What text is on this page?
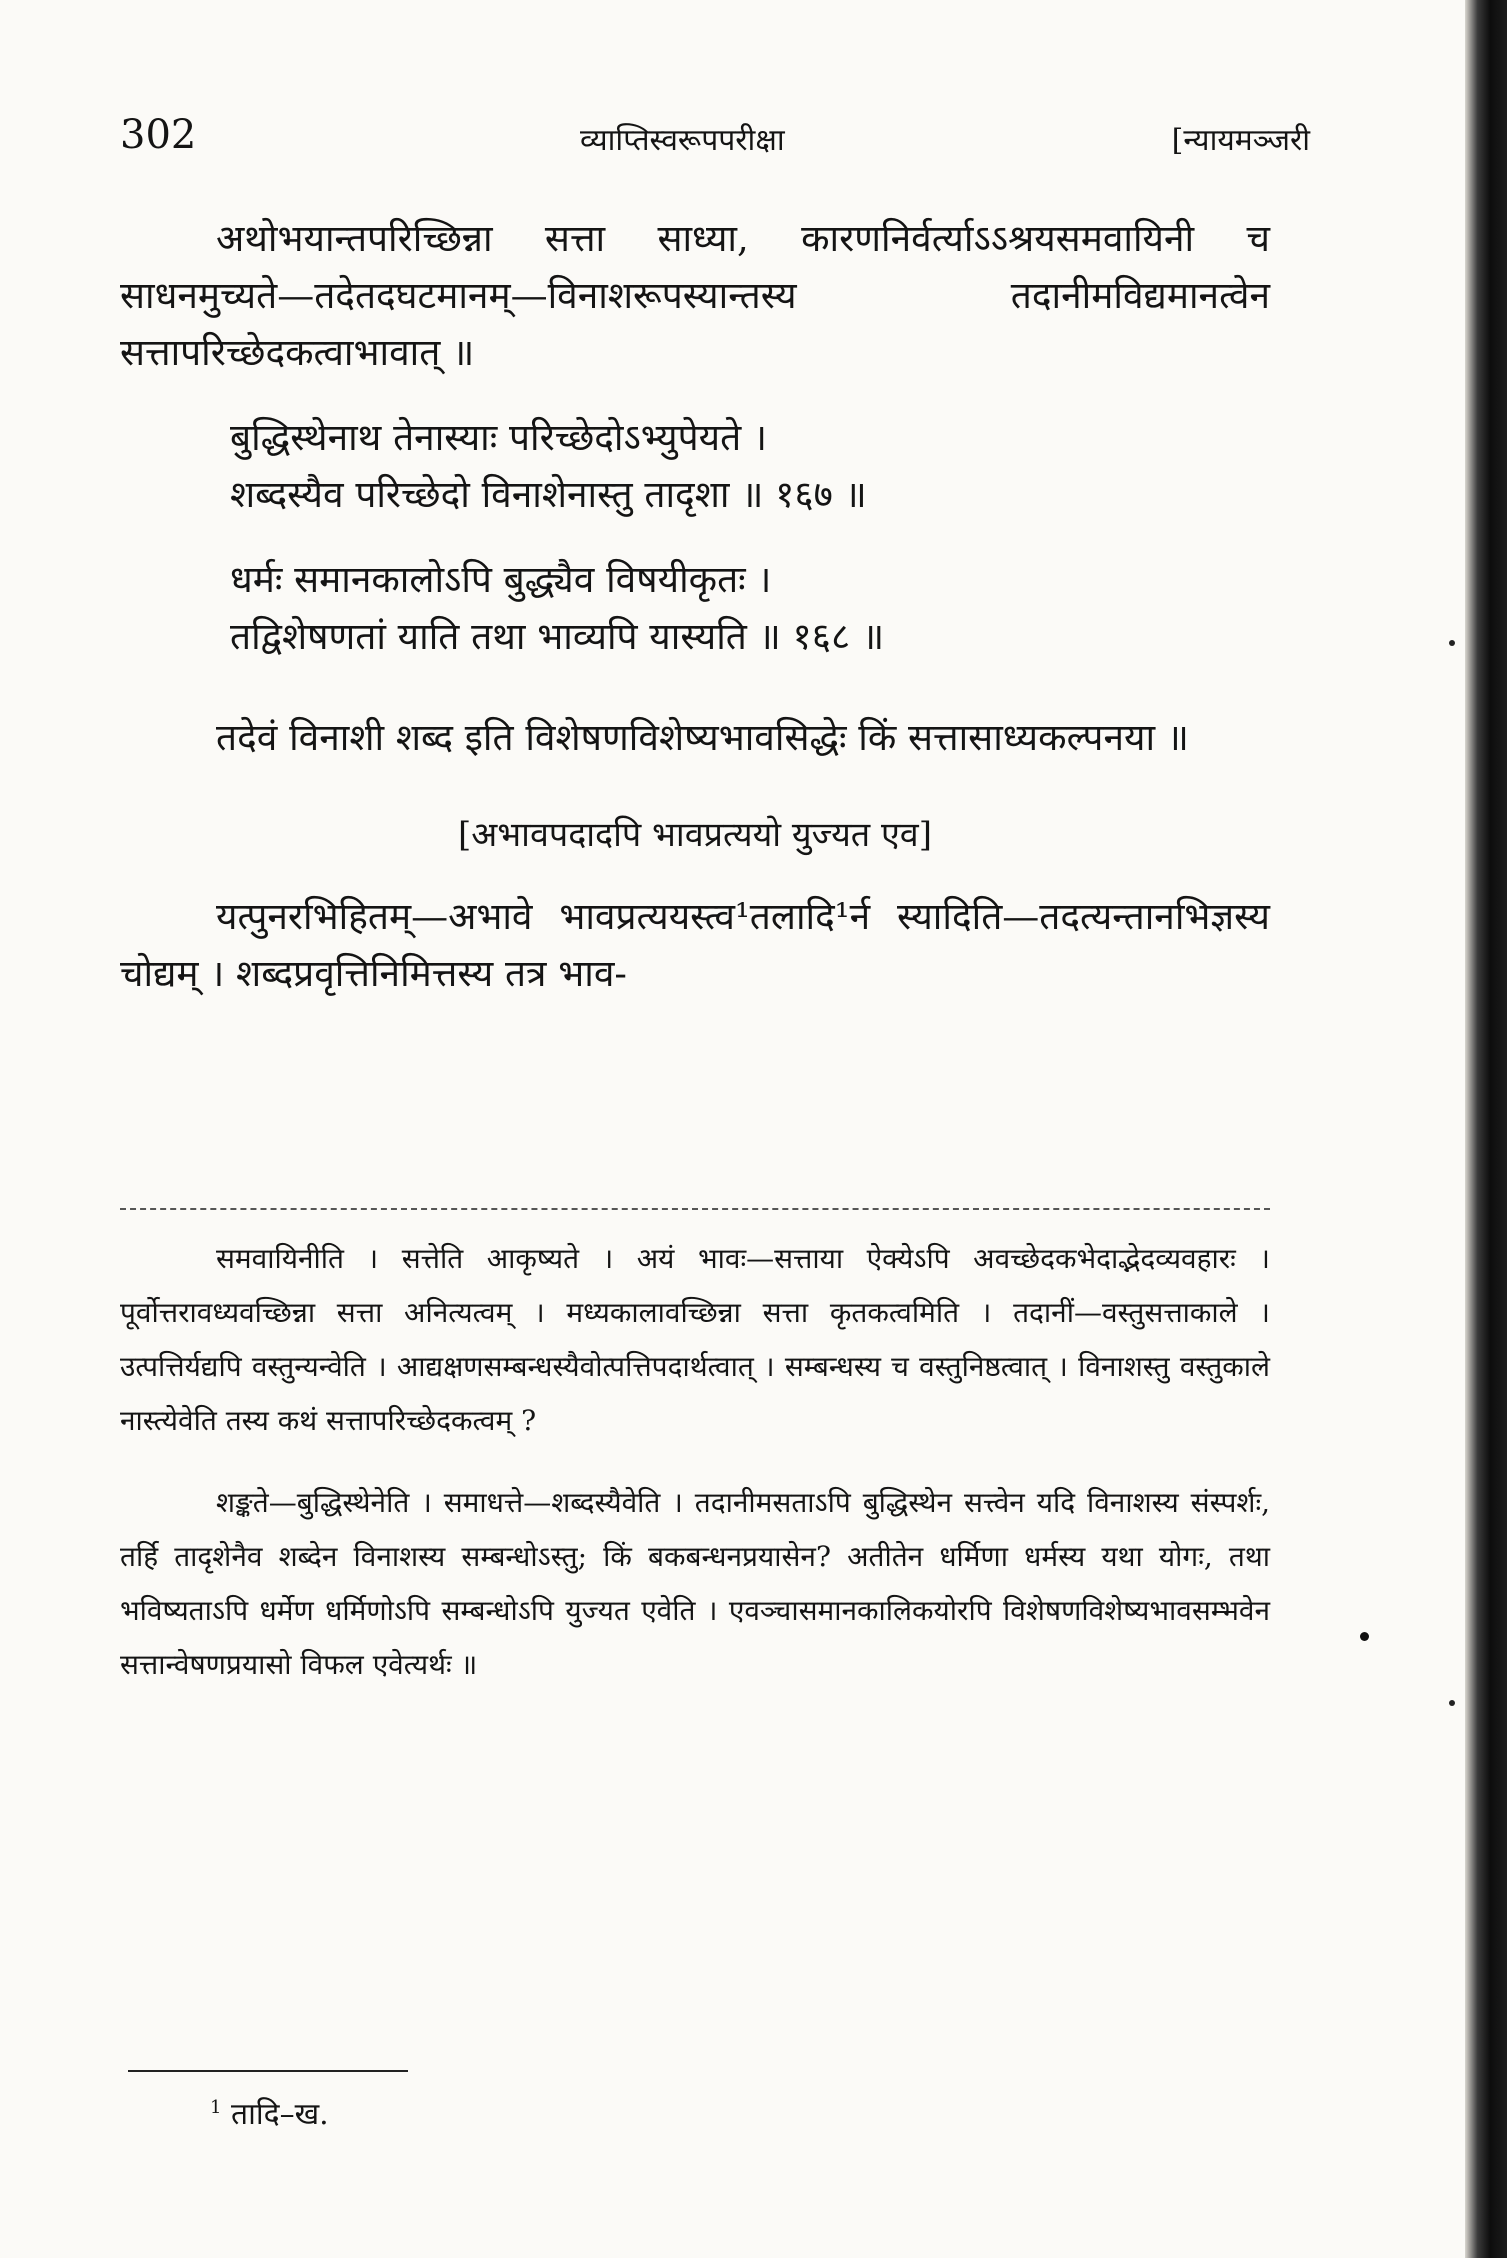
302	व्याप्तिस्वरूपपरीक्षा	[न्यायमञ्जरी

अथोभयान्तपरिच्छिन्ना सत्ता साध्या, कारणनिर्वर्त्याऽऽश्रयसमवायिनी च साधनमुच्यते—तदेतदघटमानम्—विनाशरूपस्यान्तस्य तदानीमविद्यमानत्वेन सत्तापरिच्छेदकत्वाभावात् ॥

बुद्धिस्थेनाथ तेनास्याः परिच्छेदोऽभ्युपेयते ।

शब्दस्यैव परिच्छेदो विनाशेनास्तु तादृशा ॥ १६७ ॥

धर्मः समानकालोऽपि बुद्ध्यैव विषयीकृतः ।

तद्विशेषणतां याति तथा भाव्यपि यास्यति ॥ १६८ ॥

तदेवं विनाशी शब्द इति विशेषणविशेष्यभावसिद्धेः किं सत्तासाध्यकल्पनया ॥

[अभावपदादपि भावप्रत्ययो युज्यत एव]

यत्पुनरभिहितम्—अभावे भावप्रत्ययस्त्व¹तलादि¹र्न स्यादिति—तदत्यन्तानभिज्ञस्य चोद्यम् । शब्दप्रवृत्तिनिमित्तस्य तत्र भाव-

समवायिनीति । सत्तेति आकृष्यते । अयं भावः—सत्ताया ऐक्येऽपि अवच्छेदकभेदाद्भेदव्यवहारः । पूर्वोत्तरावध्यवच्छिन्ना सत्ता अनित्यत्वम् । मध्यकालावच्छिन्ना सत्ता कृतकत्वमिति । तदानीं—वस्तुसत्ताकाले । उत्पत्तिर्यद्यपि वस्तुन्यन्वेति । आद्यक्षणसम्बन्धस्यैवोत्पत्तिपदार्थत्वात् । सम्बन्धस्य च वस्तुनिष्ठत्वात् । विनाशस्तु वस्तुकाले नास्त्येवेति तस्य कथं सत्तापरिच्छेदकत्वम् ?

शङ्कते—बुद्धिस्थेनेति । समाधत्ते—शब्दस्यैवेति । तदानीमसताऽपि बुद्धिस्थेन सत्त्वेन यदि विनाशस्य संस्पर्शः, तर्हि तादृशेनैव शब्देन विनाशस्य सम्बन्धोऽस्तु; किं बकबन्धनप्रयासेन? अतीतेन धर्मिणा धर्मस्य यथा योगः, तथा भविष्यताऽपि धर्मेण धर्मिणोऽपि सम्बन्धोऽपि युज्यत एवेति । एवञ्चासमानकालिकयोरपि विशेषणविशेष्यभावसम्भवेन सत्तान्वेषणप्रयासो विफल एवेत्यर्थः ॥

$^1$ तादि–ख.
